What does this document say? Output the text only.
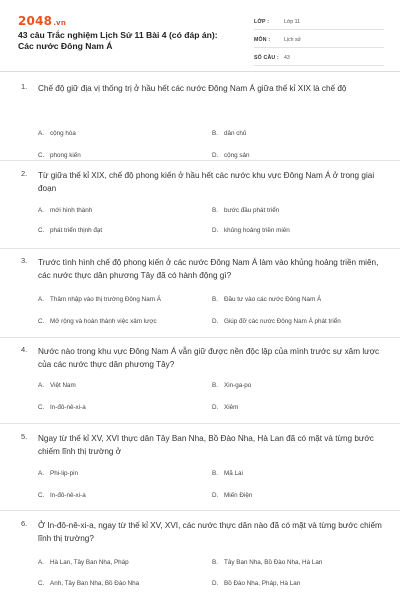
2048.vn
43 câu Trắc nghiệm Lịch Sử 11 Bài 4 (có đáp án): Các nước Đông Nam Á
LỚP :	Lớp 11
MÔN :	Lịch sử
SỐ CÂU : 43
1. Chế độ giữ địa vị thống trị ở hầu hết các nước Đông Nam Á giữa thế kỉ XIX là chế độ
A. cộng hòa	B. dân chủ
C. phong kiến	D. cộng sản
2. Từ giữa thế kỉ XIX, chế độ phong kiến ở hầu hết các nước khu vực Đông Nam Á ở trong giai đoạn
A. mới hình thành	B. bước đầu phát triển
C. phát triển thịnh đạt	D. khủng hoảng triền miên
3. Trước tình hình chế độ phong kiến ở các nước Đông Nam Á làm vào khủng hoảng triền miên, các nước thực dân phương Tây đã có hành động gì?
A. Thâm nhập vào thị trường Đông Nam Á	B. Đầu tư vào các nước Đông Nam Á
C. Mở rộng và hoàn thành việc xâm lược	D. Giúp đỡ các nước Đông Nam Á phát triển
4. Nước nào trong khu vực Đông Nam Á vẫn giữ được nền độc lập của mình trước sự xâm lược của các nước thực dân phương Tây?
A. Việt Nam	B. Xin-ga-po
C. In-đô-nê-xi-a	D. Xiêm
5. Ngay từ thế kỉ XV, XVI thực dân Tây Ban Nha, Bồ Đào Nha, Hà Lan đã có mặt và từng bước chiếm lĩnh thị trường ở
A. Phi-lip-pin	B. Mã Lai
C. In-đô-nê-xi-a	D. Miến Điện
6. Ở In-đô-nê-xi-a, ngay từ thế kỉ XV, XVI, các nước thực dân nào đã có mặt và từng bước chiếm lĩnh thị trường?
A. Hà Lan, Tây Ban Nha, Pháp	B. Tây Ban Nha, Bồ Đào Nha, Hà Lan
C. Anh, Tây Ban Nha, Bồ Đào Nha	D. Bồ Đào Nha, Pháp, Hà Lan
